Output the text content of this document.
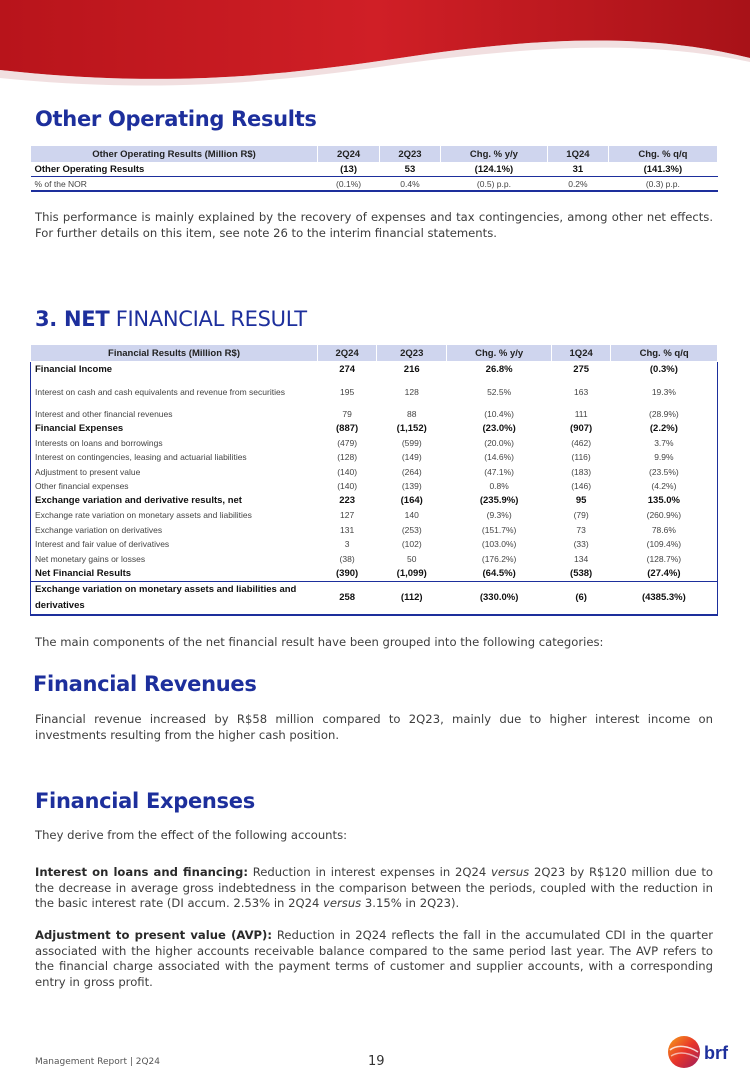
Other Operating Results
Other Operating Results (Million R$)	2Q24	2Q23	Chg. % y/y	1Q24	Chg. % q/q
Other Operating Results	(13)	53	(124.1%)	31	(141.3%)
% of the NOR	(0.1%)	0.4%	(0.5) p.p.	0.2%	(0.3) p.p.

This performance is mainly explained by the recovery of expenses and tax contingencies, among other net effects. For further details on this item, see note 26 to the interim financial statements.

3. NET FINANCIAL RESULT
Financial Results (Million R$)	2Q24	2Q23	Chg. % y/y	1Q24	Chg. % q/q
Financial Income	274	216	26.8%	275	(0.3%)
Interest on cash and cash equivalents and revenue from securities	195	128	52.5%	163	19.3%
Interest and other financial revenues	79	88	(10.4%)	111	(28.9%)
Financial Expenses	(887)	(1,152)	(23.0%)	(907)	(2.2%)
Interests on loans and borrowings	(479)	(599)	(20.0%)	(462)	3.7%
Interest on contingencies, leasing and actuarial liabilities	(128)	(149)	(14.6%)	(116)	9.9%
Adjustment to present value	(140)	(264)	(47.1%)	(183)	(23.5%)
Other financial expenses	(140)	(139)	0.8%	(146)	(4.2%)
Exchange variation and derivative results, net	223	(164)	(235.9%)	95	135.0%
Exchange rate variation on monetary assets and liabilities	127	140	(9.3%)	(79)	(260.9%)
Exchange variation on derivatives	131	(253)	(151.7%)	73	78.6%
Interest and fair value of derivatives	3	(102)	(103.0%)	(33)	(109.4%)
Net monetary gains or losses	(38)	50	(176.2%)	134	(128.7%)
Net Financial Results	(390)	(1,099)	(64.5%)	(538)	(27.4%)
Exchange variation on monetary assets and liabilities and derivatives	258	(112)	(330.0%)	(6)	(4385.3%)

The main components of the net financial result have been grouped into the following categories:

Financial Revenues

Financial revenue increased by R$58 million compared to 2Q23, mainly due to higher interest income on investments resulting from the higher cash position.

Financial Expenses

They derive from the effect of the following accounts:

Interest on loans and financing: Reduction in interest expenses in 2Q24 versus 2Q23 by R$120 million due to the decrease in average gross indebtedness in the comparison between the periods, coupled with the reduction in the basic interest rate (DI accum. 2.53% in 2Q24 versus 3.15% in 2Q23).

Adjustment to present value (AVP): Reduction in 2Q24 reflects the fall in the accumulated CDI in the quarter associated with the higher accounts receivable balance compared to the same period last year. The AVP refers to the financial charge associated with the payment terms of customer and supplier accounts, with a corresponding entry in gross profit.

Management Report | 2Q24	19	brf
